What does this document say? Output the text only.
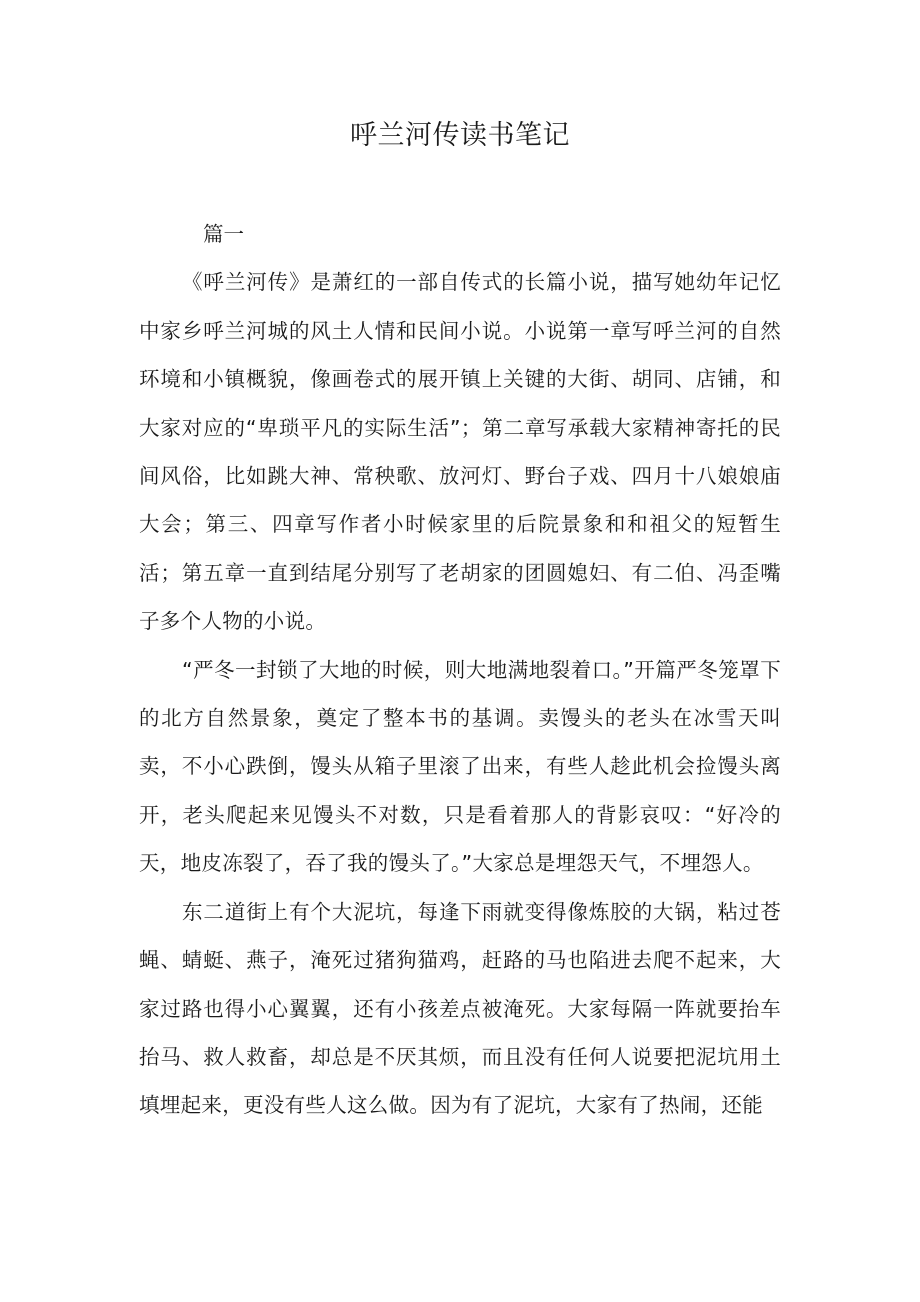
呼兰河传读书笔记

篇一

《呼兰河传》是萧红的一部自传式的长篇小说，描写她幼年记忆中家乡呼兰河城的风土人情和民间小说。小说第一章写呼兰河的自然环境和小镇概貌，像画卷式的展开镇上关键的大街、胡同、店铺，和大家对应的“卑琐平凡的实际生活”；第二章写承载大家精神寄托的民间风俗，比如跳大神、常秧歌、放河灯、野台子戏、四月十八娘娘庙大会；第三、四章写作者小时候家里的后院景象和和祖父的短暂生活；第五章一直到结尾分别写了老胡家的团圆媳妇、有二伯、冯歪嘴子多个人物的小说。

“严冬一封锁了大地的时候，则大地满地裂着口。”开篇严冬笼罩下的北方自然景象，奠定了整本书的基调。卖馒头的老头在冰雪天叫卖，不小心跌倒，馒头从箱子里滚了出来，有些人趁此机会捡馒头离开，老头爬起来见馒头不对数，只是看着那人的背影哀叹：“好冷的天，地皮冻裂了，吞了我的馒头了。”大家总是埋怨天气，不埋怨人。

东二道街上有个大泥坑，每逢下雨就变得像炼胶的大锅，粘过苍蝇、蜻蜓、燕子，淹死过猪狗猫鸡，赶路的马也陷进去爬不起来，大家过路也得小心翼翼，还有小孩差点被淹死。大家每隔一阵就要抬车抬马、救人救畜，却总是不厌其烦，而且没有任何人说要把泥坑用土填埋起来，更没有些人这么做。因为有了泥坑，大家有了热闹，还能
